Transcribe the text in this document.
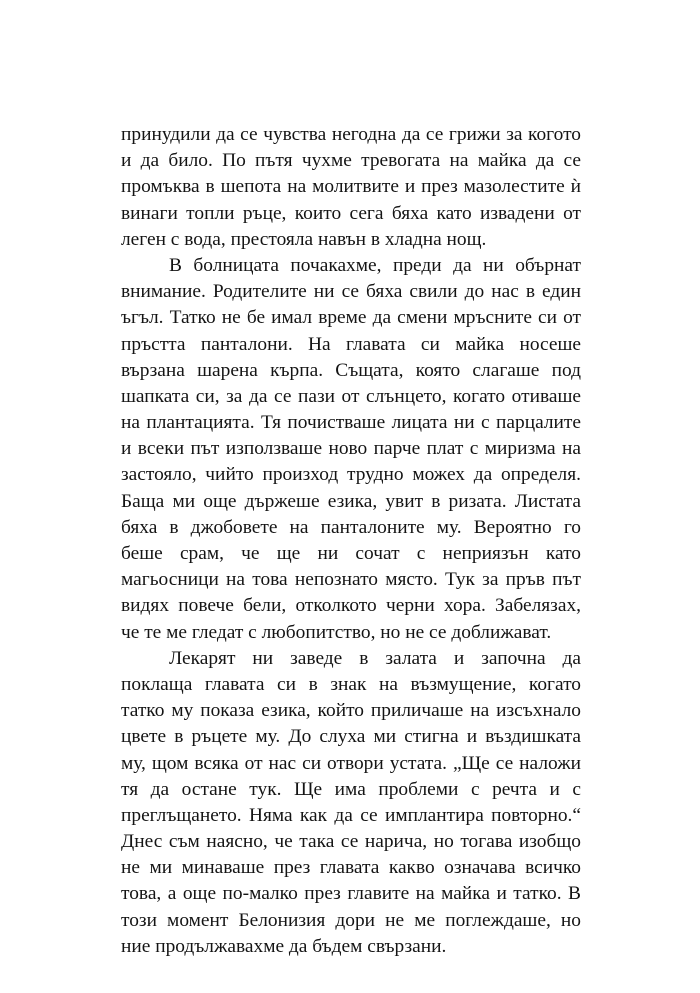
принудили да се чувства негодна да се грижи за когото
и да било. По пътя чухме тревогата на майка да се
промъква в шепота на молитвите и през мазолестите ѝ
винаги топли ръце, които сега бяха като извадени от
леген с вода, престояла навън в хладна нощ.
В болницата почакахме, преди да ни обърнат
внимание. Родителите ни се бяха свили до нас в един
ъгъл. Татко не бе имал време да смени мръсните си от
пръстта панталони. На главата си майка носеше
вързана шарена кърпа. Същата, която слагаше под
шапката си, за да се пази от слънцето, когато отиваше
на плантацията. Тя почистваше лицата ни с парцалите
и всеки път използваше ново парче плат с миризма на
застояло, чийто произход трудно можех да определя.
Баща ми още държеше езика, увит в ризата. Листата
бяха в джобовете на панталоните му. Вероятно го
беше срам, че ще ни сочат с неприязън като
магьосници на това непознато място. Тук за пръв път
видях повече бели, отколкото черни хора. Забелязах,
че те ме гледат с любопитство, но не се доближават.
Лекарят ни заведе в залата и започна да
поклаща главата си в знак на възмущение, когато
татко му показа езика, който приличаше на изсъхнало
цвете в ръцете му. До слуха ми стигна и въздишката
му, щом всяка от нас си отвори устата. „Ще се наложи
тя да остане тук. Ще има проблеми с речта и с
преглъщането. Няма как да се имплантира повторно.“
Днес съм наясно, че така се нарича, но тогава изобщо
не ми минаваше през главата какво означава всичко
това, а още по-малко през главите на майка и татко. В
този момент Белонизия дори не ме поглеждаше, но
ние продължавахме да бъдем свързани.
